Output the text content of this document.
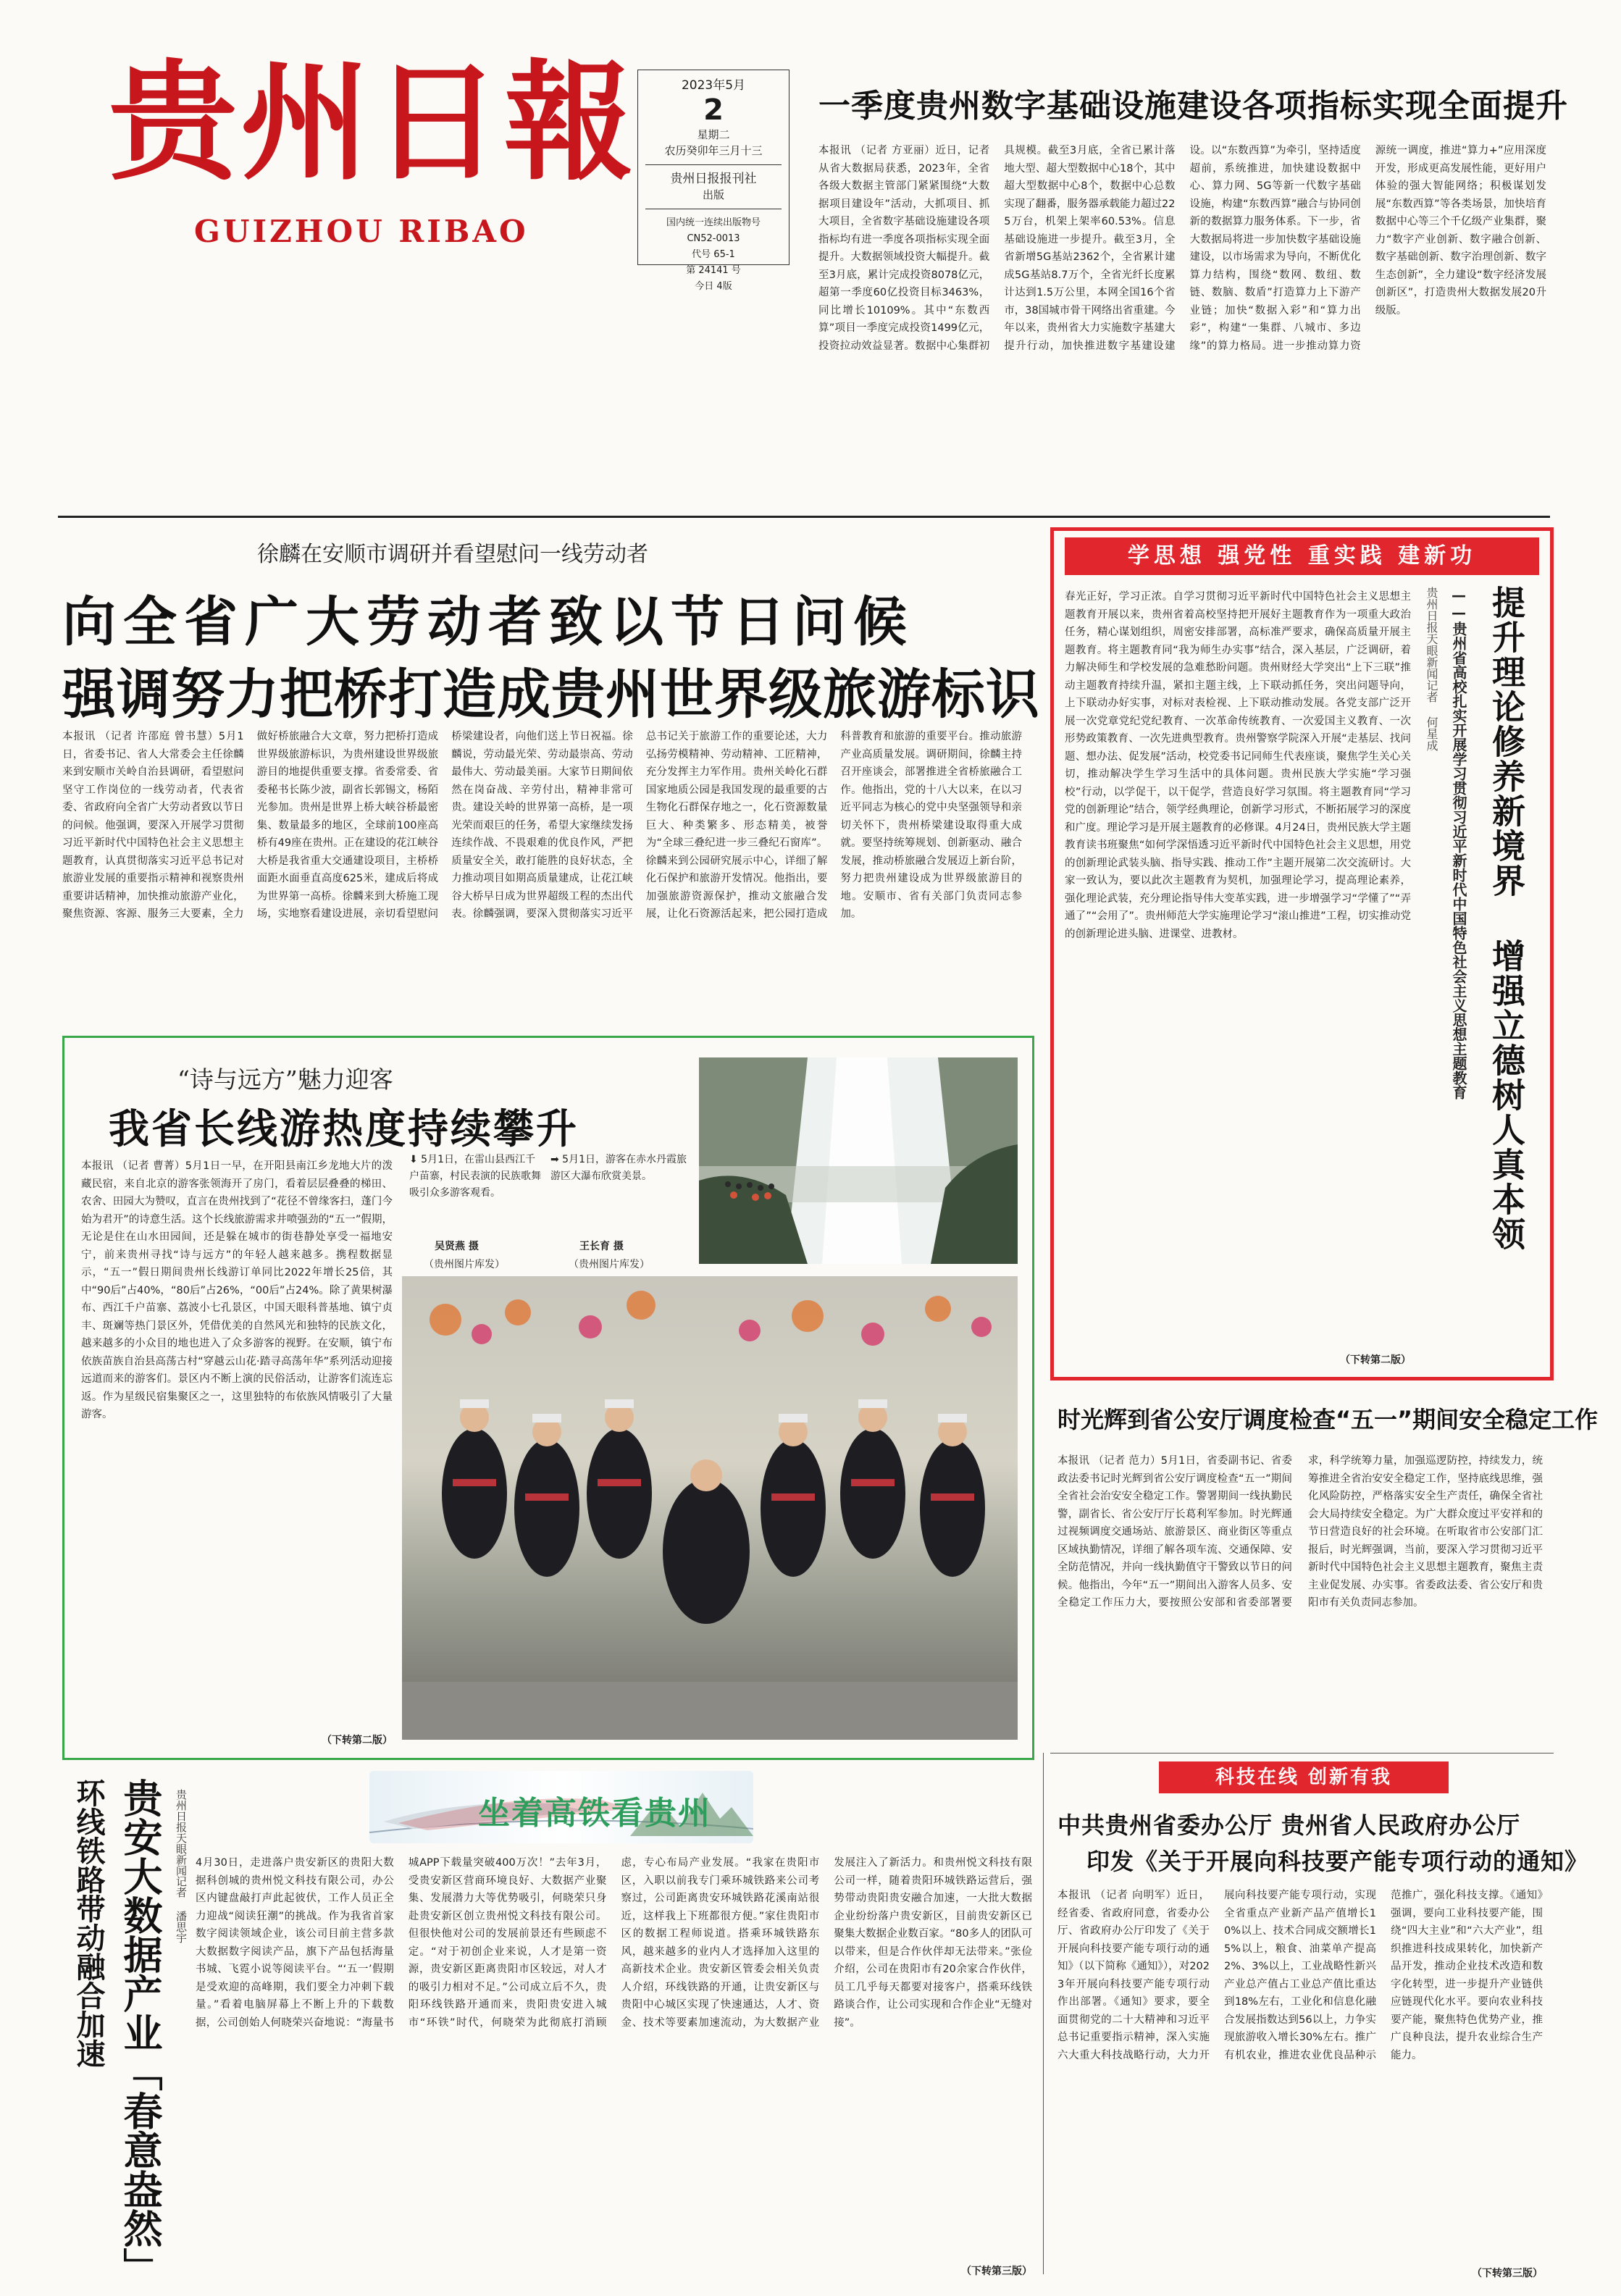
贵州日報
GUIZHOU RIBAO
2023年5月
2
星期二
农历癸卯年三月十三
贵州日报报刊社
出版
国内统一连续出版物号
CN52-0013
代号 65-1
第 24141 号
今日 4版
一季度贵州数字基础设施建设各项指标实现全面提升
本报讯 （记者 方亚丽）近日，记者从省大数据局获悉，2023年，全省各级大数据主管部门紧紧围绕“大数据项目建设年”活动，大抓项目、抓大项目，全省数字基础设施建设各项指标均有进一季度各项指标实现全面提升。大数据领域投资大幅提升。截至3月底，累计完成投资8078亿元，超第一季度60亿投资目标3463%，同比增长10109%。其中“东数西算”项目一季度完成投资1499亿元，投资拉动效益显著。数据中心集群初具规模。截至3月底，全省已累计落地大型、超大型数据中心18个，其中超大型数据中心8个，数据中心总数实现了翻番，服务器承载能力超过225万台，机架上架率60.53%。信息基础设施进一步提升。截至3月，全省新增5G基站2362个，全省累计建成5G基站8.7万个，全省光纤长度累计达到1.5万公里，本网全国16个省市，38国城市骨干网络出省重建。今年以来，贵州省大力实施数字基建大提升行动，加快推进数字基建设建设。以“东数西算”为牵引，坚持适度超前，系统推进，加快建设数据中心、算力网、5G等新一代数字基础设施，构建“东数西算”融合与协同创新的数据算力服务体系。下一步，省大数据局将进一步加快数字基础设施建设，以市场需求为导向，不断优化算力结构，围绕“数网、数纽、数链、数脑、数盾”打造算力上下游产业链；加快“数据入彩”和“算力出彩”，构建“一集群、八城市、多边缘”的算力格局。进一步推动算力资源统一调度，推进“算力+”应用深度开发，形成更高发展性能，更好用户体验的强大智能网络；积极谋划发展“东数西算”等各类场景，加快培育数据中心等三个千亿级产业集群，聚力“数字产业创新、数字融合创新、数字基础创新、数字治理创新、数字生态创新”，全力建设“数字经济发展创新区”，打造贵州大数据发展20升级版。
徐麟在安顺市调研并看望慰问一线劳动者
向全省广大劳动者致以节日问候
强调努力把桥打造成贵州世界级旅游标识
本报讯 （记者 许邵庭 曾书慧）5月1日，省委书记、省人大常委会主任徐麟来到安顺市关岭自治县调研，看望慰问坚守工作岗位的一线劳动者，代表省委、省政府向全省广大劳动者致以节日的问候。他强调，要深入开展学习贯彻习近平新时代中国特色社会主义思想主题教育，认真贯彻落实习近平总书记对旅游业发展的重要指示精神和视察贵州重要讲话精神，加快推动旅游产业化，聚焦资源、客源、服务三大要素，全力做好桥旅融合大文章，努力把桥打造成世界级旅游标识，为贵州建设世界级旅游目的地提供重要支撑。省委常委、省委秘书长陈少波，副省长郭锡文，杨陌光参加。贵州是世界上桥大峡谷桥最密集、数量最多的地区，全球前100座高桥有49座在贵州。正在建设的花江峡谷大桥是我省重大交通建设项目，主桥桥面距水面垂直高度625米，建成后将成为世界第一高桥。徐麟来到大桥施工现场，实地察看建设进展，亲切看望慰问桥梁建设者，向他们送上节日祝福。徐麟说，劳动最光荣、劳动最崇高、劳动最伟大、劳动最美丽。大家节日期间依然在岗奋战、辛劳付出，精神非常可贵。建设关岭的世界第一高桥，是一项光荣而艰巨的任务，希望大家继续发扬连续作战、不畏艰难的优良作风，严把质量安全关，敢打能胜的良好状态，全力推动项目如期高质量建成，让花江峡谷大桥早日成为世界超级工程的杰出代表。徐麟强调，要深入贯彻落实习近平总书记关于旅游工作的重要论述，大力弘扬劳模精神、劳动精神、工匠精神，充分发挥主力军作用。贵州关岭化石群国家地质公园是我国发现的最重要的古生物化石群保存地之一，化石资源数量巨大、种类繁多、形态精美，被誉为“全球三叠纪进一步三叠纪石窗库”。徐麟来到公园研究展示中心，详细了解化石保护和旅游开发情况。他指出，要加强旅游资源保护，推动文旅融合发展，让化石资源活起来，把公园打造成科普教育和旅游的重要平台。推动旅游产业高质量发展。调研期间，徐麟主持召开座谈会，部署推进全省桥旅融合工作。他指出，党的十八大以来，在以习近平同志为核心的党中央坚强领导和亲切关怀下，贵州桥梁建设取得重大成就。要坚持统筹规划、创新驱动、融合发展，推动桥旅融合发展迈上新台阶，努力把贵州建设成为世界级旅游目的地。安顺市、省有关部门负责同志参加。
学思想 强党性 重实践 建新功
春光正好，学习正浓。自学习贯彻习近平新时代中国特色社会主义思想主题教育开展以来，贵州省着高校坚持把开展好主题教育作为一项重大政治任务，精心谋划组织，周密安排部署，高标准严要求，确保高质量开展主题教育。将主题教育同“我为师生办实事”结合，深入基层，广泛调研，着力解决师生和学校发展的急难愁盼问题。贵州财经大学突出“上下三联”推动主题教育持续升温，紧扣主题主线，上下联动抓任务，突出问题导向，上下联动办好实事，对标对表检视、上下联动推动发展。各党支部广泛开展一次党章党纪党纪教育、一次革命传统教育、一次爱国主义教育、一次形势政策教育、一次先进典型教育。贵州警察学院深入开展“走基层、找问题、想办法、促发展”活动，校党委书记同师生代表座谈，聚焦学生关心关切，推动解决学生学习生活中的具体问题。贵州民族大学实施“学习强校”行动，以学促干，以干促学，营造良好学习氛围。将主题教育同“学习党的创新理论”结合，领学经典理论，创新学习形式，不断拓展学习的深度和广度。理论学习是开展主题教育的必修课。4月24日，贵州民族大学主题教育读书班聚焦“如何学深悟透习近平新时代中国特色社会主义思想，用党的创新理论武装头脑、指导实践、推动工作”主题开展第二次交流研讨。大家一致认为，要以此次主题教育为契机，加强理论学习，提高理论素养，强化理论武装，充分理论指导伟大变革实践，进一步增强学习“学懂了”“弄通了”“会用了”。贵州师范大学实施理论学习“滚山推进”工程，切实推动党的创新理论进头脑、进课堂、进教材。
（下转第二版）
提升理论修养新境界 增强立德树人真本领
——贵州省高校扎实开展学习贯彻习近平新时代中国特色社会主义思想主题教育
贵州日报天眼新闻记者 何星成
“诗与远方”魅力迎客
我省长线游热度持续攀升
本报讯 （记者 曹菁）5月1日一早，在开阳县南江乡龙地大片的泼藏民宿，来自北京的游客张领海开了房门，看着层层叠叠的梯田、农舍、田园大为赞叹，直言在贵州找到了“花径不曾缘客扫，蓬门今始为君开”的诗意生活。这个长线旅游需求井喷强劲的“五一”假期，无论是住在山水田园间，还是躲在城市的街巷静处享受一福地安宁，前来贵州寻找“诗与远方”的年轻人越来越多。携程数据显示，“五一”假日期间贵州长线游订单同比2022年增长25倍，其中“90后”占40%，“80后”占26%，“00后”占24%。除了黄果树瀑布、西江千户苗寨、荔波小七孔景区，中国天眼科普基地、镇宁贞丰、斑斓等热门景区外，凭借优美的自然风光和独特的民族文化，越来越多的小众目的地也进入了众多游客的视野。在安顺，镇宁布依族苗族自治县高荡古村“穿越云山花·踏寻高荡年华”系列活动迎接远道而来的游客们。景区内不断上演的民俗活动，让游客们流连忘返。作为星级民宿集聚区之一，这里独特的布依族风情吸引了大量游客。
（下转第二版）
⬇ 5月1日，在雷山县西江千户苗寨，村民表演的民族歌舞吸引众多游客观看。
➡ 5月1日，游客在赤水丹霞旅游区大瀑布欣赏美景。
吴贤燕 摄
（贵州图片库发）
王长育 摄
（贵州图片库发）
时光辉到省公安厅调度检查“五一”期间安全稳定工作
本报讯 （记者 范力）5月1日，省委副书记、省委政法委书记时光辉到省公安厅调度检查“五一”期间全省社会治安安全稳定工作。警署期间一线执勤民警，副省长、省公安厅厅长葛利军参加。时光辉通过视频调度交通场站、旅游景区、商业街区等重点区域执勤情况，详细了解各项车流、交通保障、安全防范情况，并向一线执勤值守干警致以节日的问候。他指出，今年“五一”期间出入游客人员多、安全稳定工作压力大，要按照公安部和省委部署要求，科学统筹力量，加强巡逻防控，持续发力，统筹推进全省治安安全稳定工作，坚持底线思维，强化风险防控，严格落实安全生产责任，确保全省社会大局持续安全稳定。为广大群众度过平安祥和的节日营造良好的社会环境。在听取省市公安部门汇报后，时光辉强调，当前，要深入学习贯彻习近平新时代中国特色社会主义思想主题教育，聚焦主责主业促发展、办实事。省委政法委、省公安厅和贵阳市有关负责同志参加。
科技在线 创新有我
中共贵州省委办公厅 贵州省人民政府办公厅
印发《关于开展向科技要产能专项行动的通知》
本报讯 （记者 向明军）近日，经省委、省政府同意，省委办公厅、省政府办公厅印发了《关于开展向科技要产能专项行动的通知》（以下简称《通知》），对2023年开展向科技要产能专项行动作出部署。《通知》要求，要全面贯彻党的二十大精神和习近平总书记重要指示精神，深入实施六大重大科技战略行动，大力开展向科技要产能专项行动，实现全省重点产业新产品产值增长10%以上、技术合同成交额增长15%以上，粮食、油菜单产提高2%、3%以上，工业战略性新兴产业总产值占工业总产值比重达到18%左右，工业化和信息化融合发展指数达到56以上，力争实现旅游收入增长30%左右。推广有机农业，推进农业优良品种示范推广，强化科技支撑。《通知》强调，要向工业科技要产能，围绕“四大主业”和“六大产业”，组织推进科技成果转化，加快新产品开发，推动企业技术改造和数字化转型，进一步提升产业链供应链现代化水平。要向农业科技要产能，聚焦特色优势产业，推广良种良法，提升农业综合生产能力。
（下转第三版）
坐着高铁看贵州
环线铁路带动融合加速 贵安大数据产业「春意盎然」 贵州日报天眼新闻记者 潘思宇 4月30日，走进落户贵安新区的贵阳大数据科创城的贵州悦文科技有限公司，办公区内键盘敲打声此起彼伏，工作人员正全力迎战“阅读狂潮”的挑战。作为我省首家数字阅读领域企业，该公司目前主营多款大数据数字阅读产品，旗下产品包括海量书城、飞霓小说等阅读平台。“‘五一’假期是受欢迎的高峰期，我们要全力冲刺下载量。”看着电脑屏幕上不断上升的下载数据，公司创始人何晓荣兴奋地说：“海量书城APP下载量突破400万次！”去年3月，受贵安新区营商环境良好、大数据产业聚集、发展潜力大等优势吸引，何晓荣只身赴贵安新区创立贵州悦文科技有限公司。但很快他对公司的发展前景还有些顾虑不定。“对于初创企业来说，人才是第一资源，贵安新区距离贵阳市区较远，对人才的吸引力相对不足。”公司成立后不久，贵阳环线铁路开通而来，贵阳贵安进入城市“环铁”时代，何晓荣为此彻底打消顾虑，专心布局产业发展。“我家在贵阳市区，入职以前我专门乘环城铁路来公司考察过，公司距离贵安环城铁路花溪南站很近，这样我上下班都很方便。”家住贵阳市区的数据工程师说道。搭乘环城铁路东风，越来越多的业内人才选择加入这里的高新技术企业。贵安新区管委会相关负责人介绍，环线铁路的开通，让贵安新区与贵阳中心城区实现了快速通达，人才、资金、技术等要素加速流动，为大数据产业发展注入了新活力。和贵州悦文科技有限公司一样，随着贵阳环城铁路运营后，强势带动贵阳贵安融合加速，一大批大数据企业纷纷落户贵安新区，目前贵安新区已聚集大数据企业数百家。“80多人的团队可以带来，但是合作伙伴却无法带来。”张俭介绍，公司在贵阳市有20余家合作伙伴，员工几乎每天都要对接客户，搭乘环线铁路谈合作，让公司实现和合作企业“无缝对接”。
（下转第三版）
